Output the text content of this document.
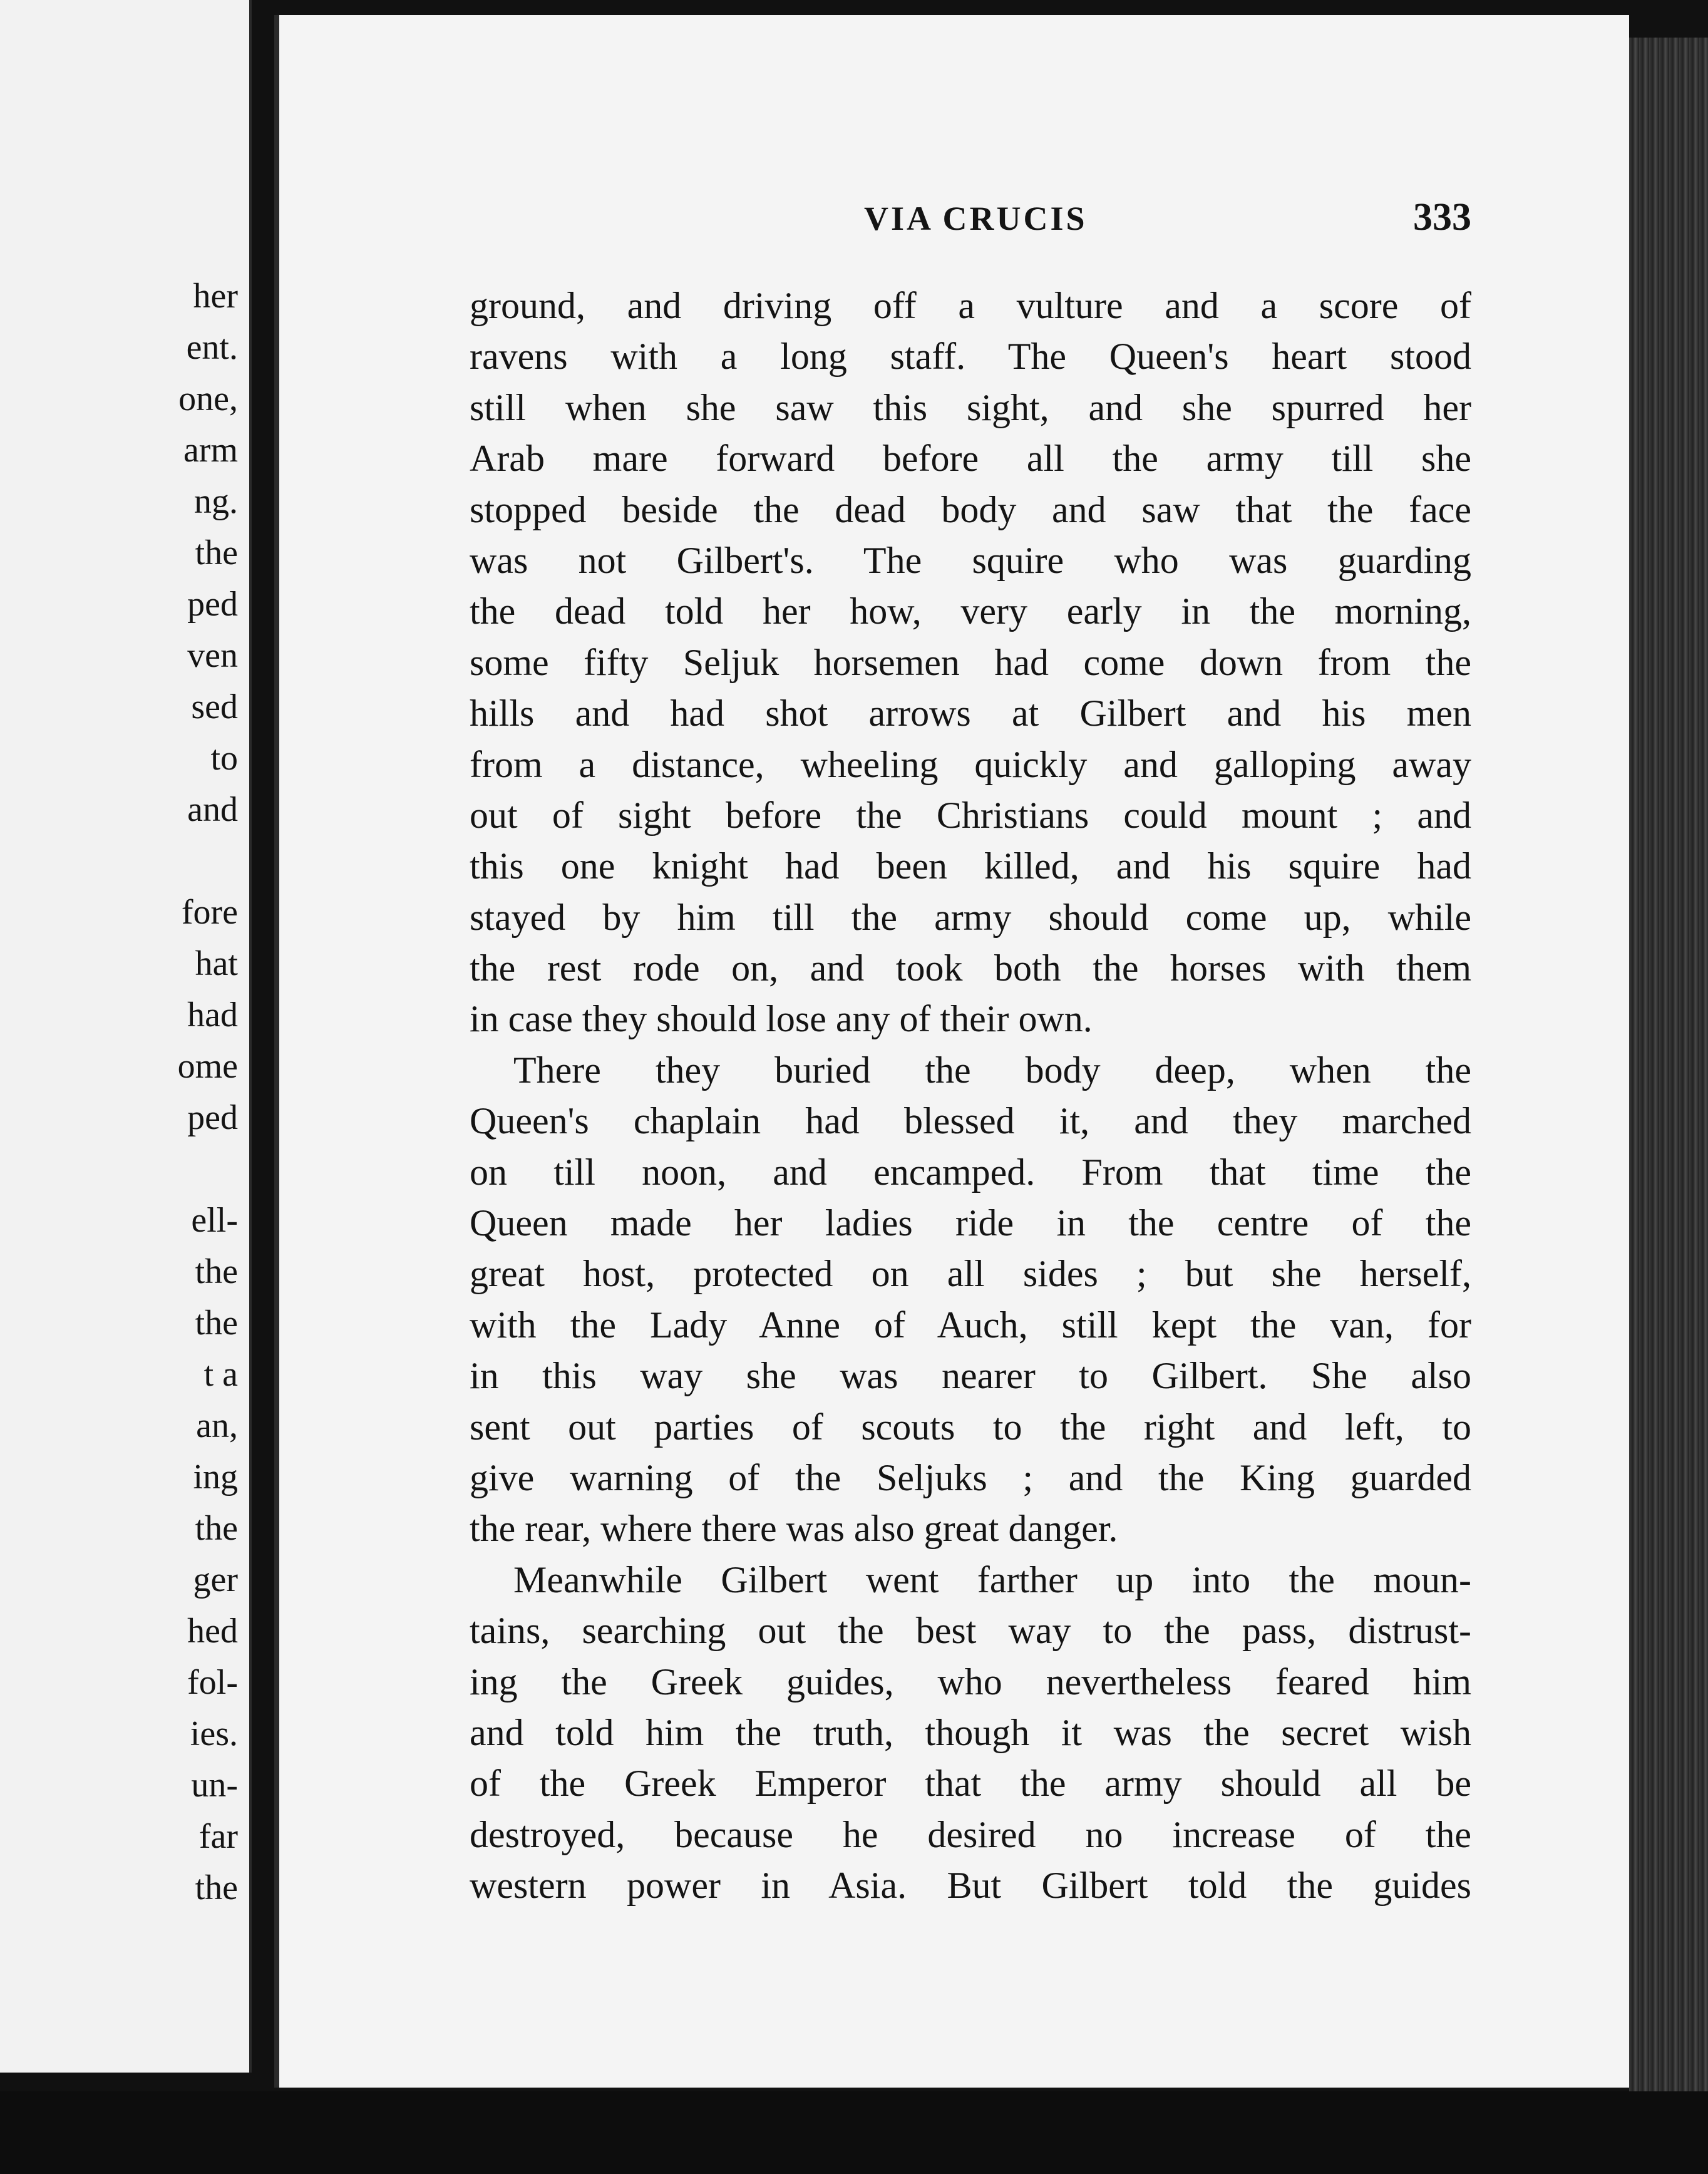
her
ent.
one,
arm
ng.
the
ped
ven
sed
to
and
fore
hat
had
ome
ped
ell-
the
the
t a
an,
ing
the
ger
hed
fol-
ies.
un-
far
the
VIA CRUCIS	333
ground, and driving off a vulture and a score of
ravens with a long staff. The Queen's heart stood
still when she saw this sight, and she spurred her
Arab mare forward before all the army till she
stopped beside the dead body and saw that the face
was not Gilbert's. The squire who was guarding
the dead told her how, very early in the morning,
some fifty Seljuk horsemen had come down from the
hills and had shot arrows at Gilbert and his men
from a distance, wheeling quickly and galloping away
out of sight before the Christians could mount ; and
this one knight had been killed, and his squire had
stayed by him till the army should come up, while
the rest rode on, and took both the horses with them
in case they should lose any of their own.
There they buried the body deep, when the
Queen's chaplain had blessed it, and they marched
on till noon, and encamped. From that time the
Queen made her ladies ride in the centre of the
great host, protected on all sides ; but she herself,
with the Lady Anne of Auch, still kept the van, for
in this way she was nearer to Gilbert. She also
sent out parties of scouts to the right and left, to
give warning of the Seljuks ; and the King guarded
the rear, where there was also great danger.
Meanwhile Gilbert went farther up into the moun-
tains, searching out the best way to the pass, distrust-
ing the Greek guides, who nevertheless feared him
and told him the truth, though it was the secret wish
of the Greek Emperor that the army should all be
destroyed, because he desired no increase of the
western power in Asia. But Gilbert told the guides
